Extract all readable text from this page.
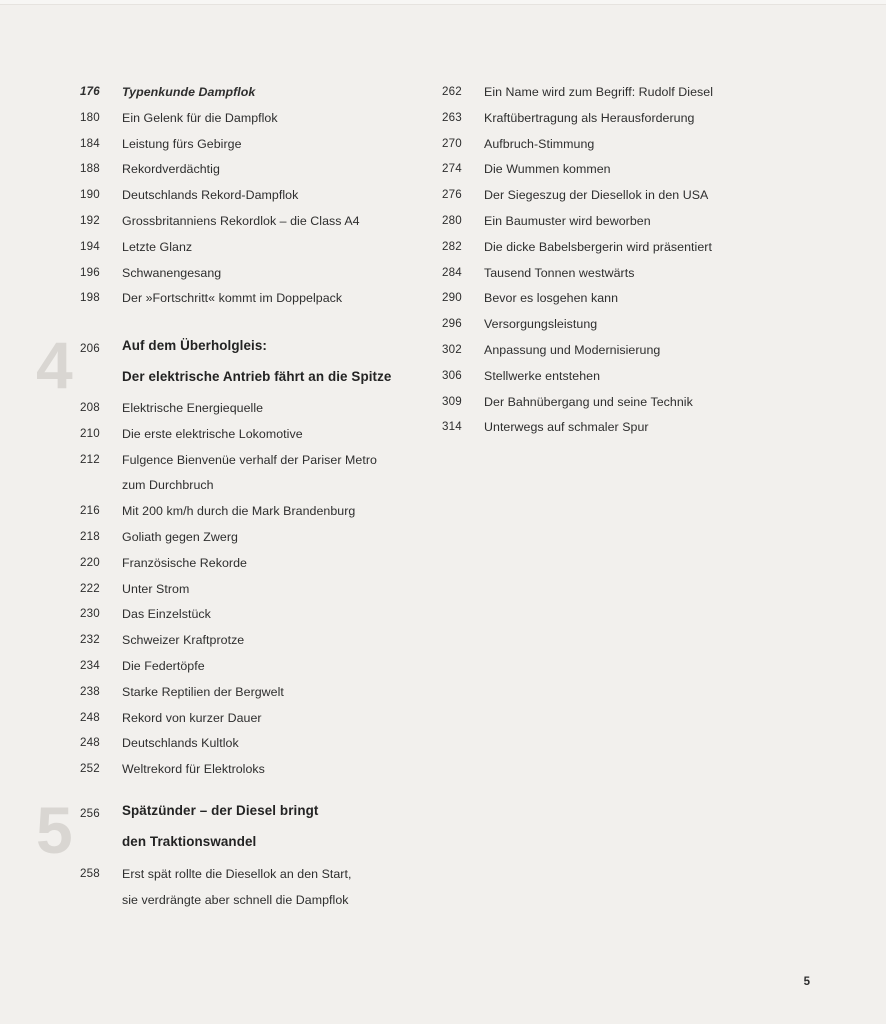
176	Typenkunde Dampflok
180	Ein Gelenk für die Dampflok
184	Leistung fürs Gebirge
188	Rekordverdächtig
190	Deutschlands Rekord-Dampflok
192	Grossbritanniens Rekordlok – die Class A4
194	Letzte Glanz
196	Schwanengesang
198	Der »Fortschritt« kommt im Doppelpack
4 206	Auf dem Überholgleis:
Der elektrische Antrieb fährt an die Spitze
208	Elektrische Energiequelle
210	Die erste elektrische Lokomotive
212	Fulgence Bienvenüe verhalf der Pariser Metro
zum Durchbruch
216	Mit 200 km/h durch die Mark Brandenburg
218	Goliath gegen Zwerg
220	Französische Rekorde
222	Unter Strom
230	Das Einzelstück
232	Schweizer Kraftprotze
234	Die Federtöpfe
238	Starke Reptilien der Bergwelt
248	Rekord von kurzer Dauer
248	Deutschlands Kultlok
252	Weltrekord für Elektroloks
5 256	Spätzünder – der Diesel bringt
den Traktionswandel
258	Erst spät rollte die Diesellok an den Start,
sie verdrängte aber schnell die Dampflok
262	Ein Name wird zum Begriff: Rudolf Diesel
263	Kraftübertragung als Herausforderung
270	Aufbruch-Stimmung
274	Die Wummen kommen
276	Der Siegeszug der Diesellok in den USA
280	Ein Baumuster wird beworben
282	Die dicke Babelsbergerin wird präsentiert
284	Tausend Tonnen westwärts
290	Bevor es losgehen kann
296	Versorgungsleistung
302	Anpassung und Modernisierung
306	Stellwerke entstehen
309	Der Bahnübergang und seine Technik
314	Unterwegs auf schmaler Spur
5
